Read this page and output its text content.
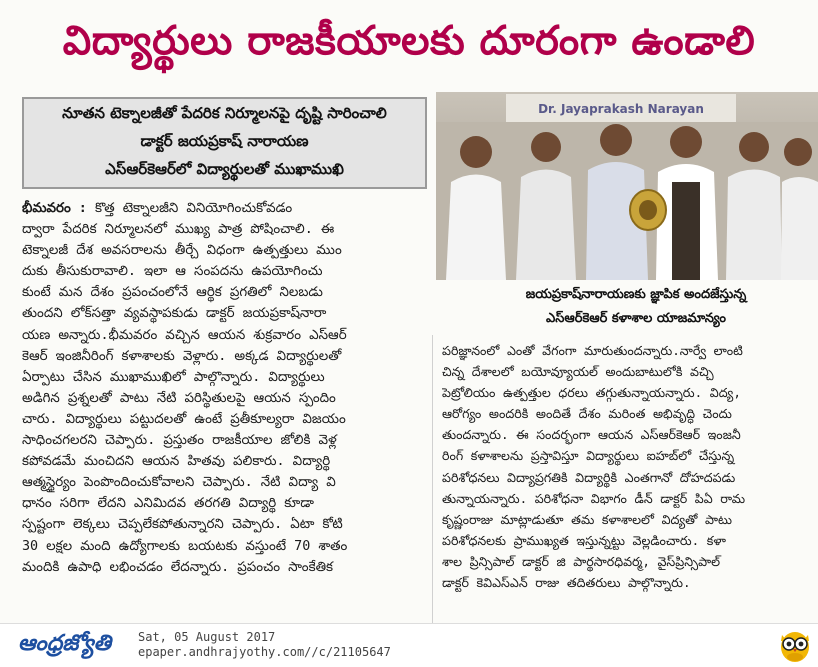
విద్యార్థులు రాజకీయాలకు దూరంగా ఉండాలి
నూతన టెక్నాలజీతో పేదరిక నిర్మూలనపై దృష్టి సారించాలి
డాక్టర్ జయప్రకాష్ నారాయణ
ఎస్ఆర్‌కెఆర్‌లో విద్యార్థులతో ముఖాముఖి
భీమవరం : కొత్త టెక్నాలజీని వినియోగించుకోవడం
ద్వారా పేదరిక నిర్మూలనలో ముఖ్య పాత్ర పోషించాలి. ఈ
టెక్నాలజీ దేశ అవసరాలను తీర్చే విధంగా ఉత్పత్తులు ముం
దుకు తీసుకురావాలి. ఇలా ఆ సంపదను ఉపయోగించు
కుంటే మన దేశం ప్రపంచంలోనే ఆర్థిక ప్రగతిలో నిలబడు
తుందని లోక్‌సత్తా వ్యవస్థాపకుడు డాక్టర్ జయప్రకాష్‌నారా
యణ అన్నారు.భీమవరం వచ్చిన ఆయన శుక్రవారం ఎస్ఆర్
కెఆర్ ఇంజినీరింగ్ కళాశాలకు వెళ్లారు. అక్కడ విద్యార్థులతో
ఏర్పాటు చేసిన ముఖాముఖిలో పాల్గొన్నారు. విద్యార్థులు
అడిగిన ప్రశ్నలతో పాటు నేటి పరిస్థితులపై ఆయన స్పందిం
చారు. విద్యార్థులు పట్టుదలతో ఉంటే ప్రతీకూల్యరా విజయం
సాధించగలరని చెప్పారు. ప్రస్తుతం రాజకీయాల జోలికి వెళ్ల
కపోవడమే మంచిదని ఆయన హితవు పలికారు. విద్యార్థి
ఆత్మస్థైర్యం పెంపొందించుకోవాలని చెప్పారు. నేటి విద్యా వి
ధానం సరిగా లేదని ఎనిమిదవ తరగతి విద్యార్థి కూడా
స్పష్టంగా లెక్కలు చెప్పలేకపోతున్నారని చెప్పారు. ఏటా కోటి
30 లక్షల మంది ఉద్యోగాలకు బయటకు వస్తుంటే 70 శాతం
మందికి ఉపాధి లభించడం లేదన్నారు. ప్రపంచం సాంకేతిక
Dr. Jayaprakash Narayan
జయప్రకాష్‌నారాయణకు జ్ఞాపిక అందజేస్తున్న
ఎస్ఆర్‌కెఆర్ కళాశాల యాజమాన్యం
పరిజ్ఞానంలో ఎంతో వేగంగా మారుతుందన్నారు.నార్వే లాంటి
చిన్న దేశాలలో బయోవ్యూయల్ అందుబాటులోకి వచ్చి
పెట్రోలియం ఉత్పత్తుల ధరలు తగ్గుతున్నాయన్నారు. విద్య,
ఆరోగ్యం అందరికి అందితే దేశం మరింత అభివృద్ధి చెందు
తుందన్నారు. ఈ సందర్భంగా ఆయన ఎస్ఆర్‌కెఆర్ ఇంజనీ
రింగ్ కళాశాలను ప్రస్తావిస్తూ విద్యార్థులు ఐహబ్‌లో చేస్తున్న
పరిశోధనలు విద్యాప్రగతికి విద్యార్థికి ఎంతగానో దోహదపడు
తున్నాయన్నారు. పరిశోధనా విభాగం డీన్ డాక్టర్ పిఏ రామ
కృష్ణంరాజు మాట్లాడుతూ తమ కళాశాలలో విద్యతో పాటు
పరిశోధనలకు ప్రాముఖ్యత ఇస్తున్నట్టు వెల్లడించారు. కళా
శాల ప్రిన్సిపాల్ డాక్టర్ జి పార్థసారధివర్మ, వైస్‌ప్రిన్సిపాల్
డాక్టర్ కెవిఎస్ఎన్ రాజు తదితరులు పాల్గొన్నారు.
ఆంధ్రజ్యోతి	Sat, 05 August 2017
epaper.andhrajyothy.com//c/21105647
